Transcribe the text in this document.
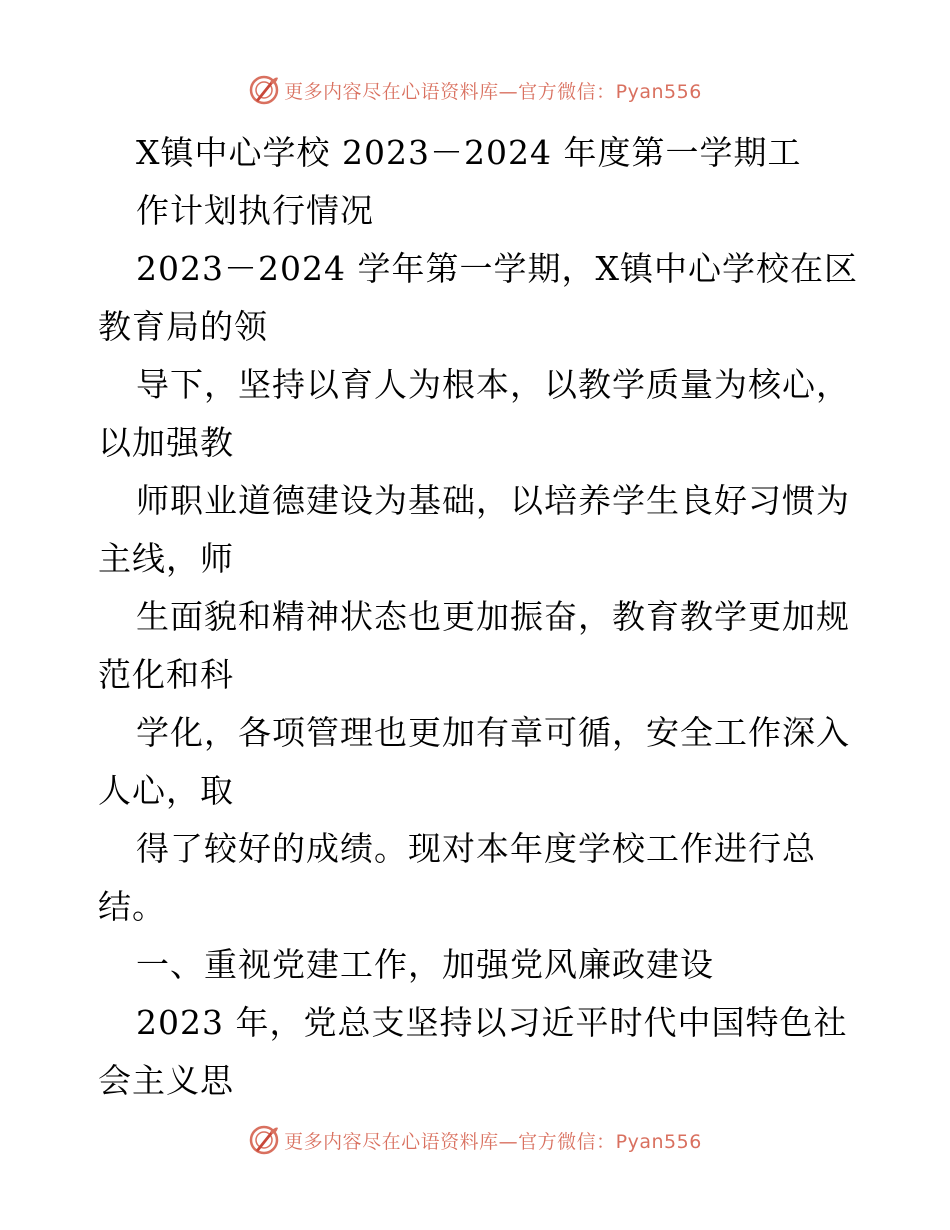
更多内容尽在心语资料库—官方微信：Pyan556
X镇中心学校 2023－2024 年度第一学期工
作计划执行情况
2023－2024 学年第一学期，X镇中心学校在区
教育局的领
导下，坚持以育人为根本，以教学质量为核心，
以加强教
师职业道德建设为基础，以培养学生良好习惯为
主线，师
生面貌和精神状态也更加振奋，教育教学更加规
范化和科
学化，各项管理也更加有章可循，安全工作深入
人心，取
得了较好的成绩。现对本年度学校工作进行总
结。
一、重视党建工作，加强党风廉政建设
2023 年，党总支坚持以习近平时代中国特色社
会主义思
更多内容尽在心语资料库—官方微信：Pyan556
